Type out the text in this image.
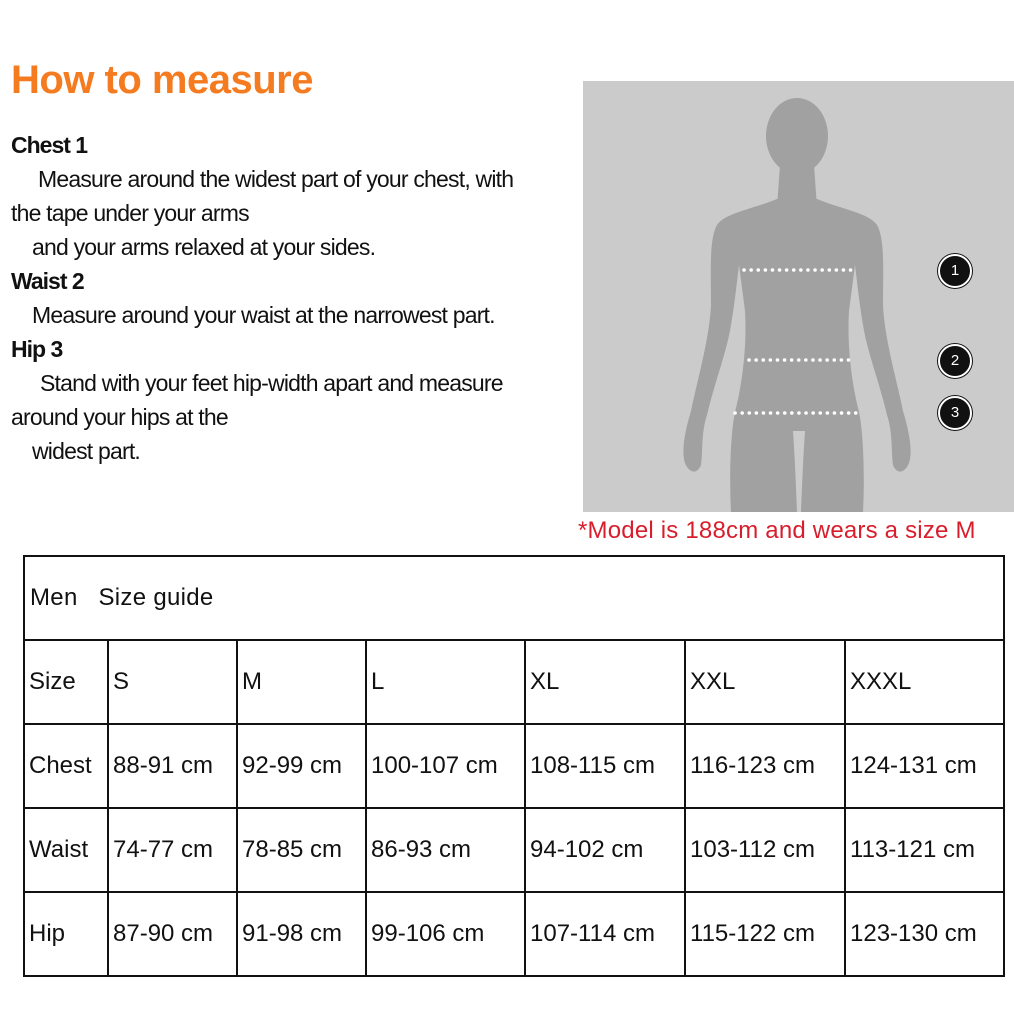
How to measure
Chest 1
Measure around the widest part of your chest, with
the tape under your arms
and your arms relaxed at your sides.
Waist 2
Measure around your waist at the narrowest part.
Hip 3
Stand with your feet hip-width apart and measure
around your hips at the
widest part.
1
2
3
*Model is 188cm and wears a size M
Men   Size guide						
Size	S	M	L	XL	XXL	XXXL
Chest	88-91 cm	92-99 cm	100-107 cm	108-115 cm	116-123 cm	124-131 cm
Waist	74-77 cm	78-85 cm	86-93 cm	94-102 cm	103-112 cm	113-121 cm
Hip	87-90 cm	91-98 cm	99-106 cm	107-114 cm	115-122 cm	123-130 cm
